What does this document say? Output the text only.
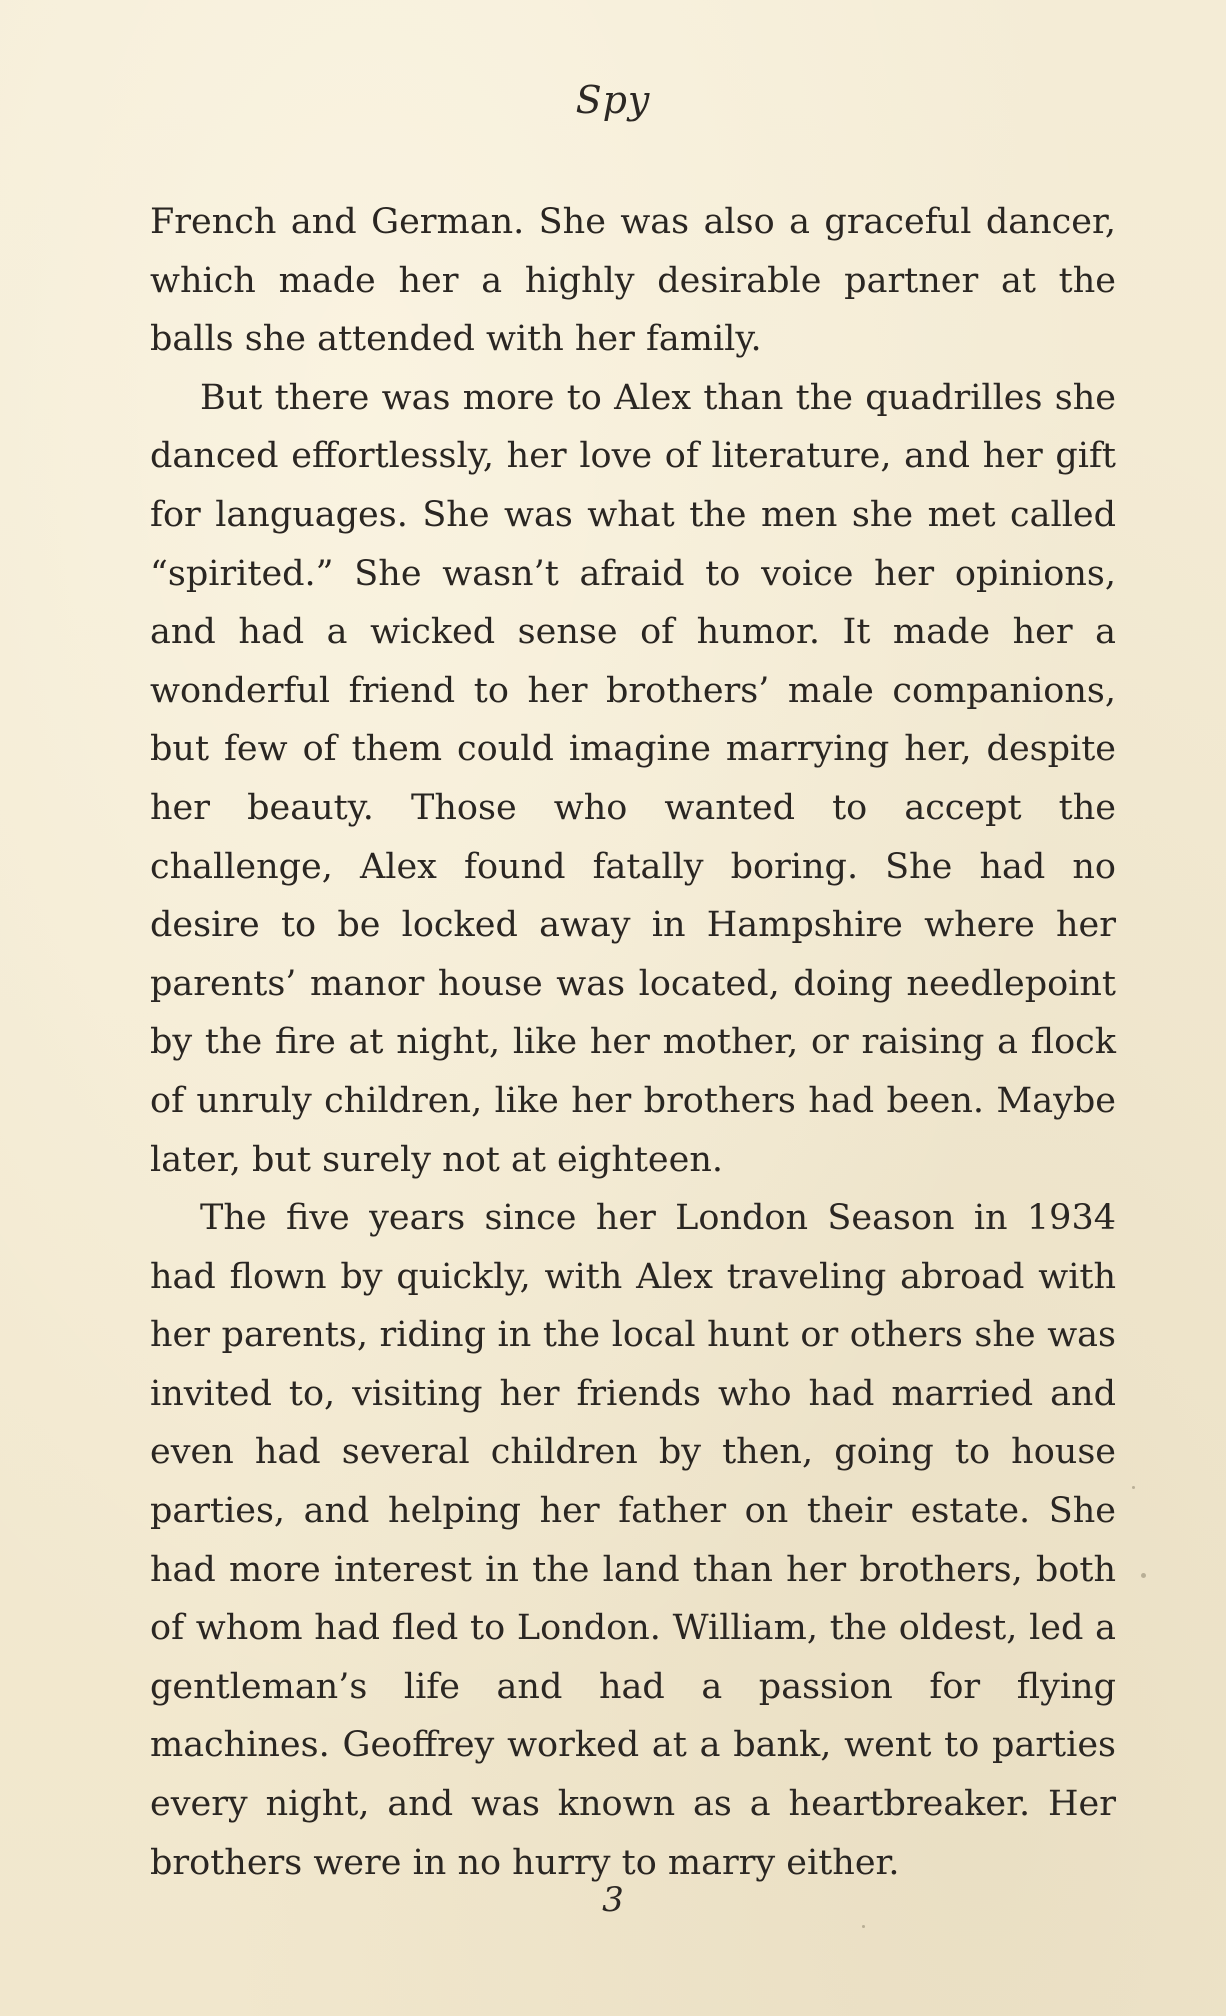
Spy

French and German. She was also a graceful dancer, which made her a highly desirable partner at the balls she attended with her family.

But there was more to Alex than the quadrilles she danced effortlessly, her love of literature, and her gift for languages. She was what the men she met called “spirited.” She wasn’t afraid to voice her opinions, and had a wicked sense of humor. It made her a wonderful friend to her brothers’ male companions, but few of them could imagine marrying her, despite her beauty. Those who wanted to accept the challenge, Alex found fatally boring. She had no desire to be locked away in Hampshire where her parents’ manor house was located, doing needlepoint by the fire at night, like her mother, or raising a flock of unruly children, like her brothers had been. Maybe later, but surely not at eighteen.

The five years since her London Season in 1934 had flown by quickly, with Alex traveling abroad with her parents, riding in the local hunt or others she was invited to, visiting her friends who had married and even had several children by then, going to house parties, and helping her father on their estate. She had more interest in the land than her brothers, both of whom had fled to London. William, the oldest, led a gentleman’s life and had a passion for flying machines. Geoffrey worked at a bank, went to parties every night, and was known as a heartbreaker. Her brothers were in no hurry to marry either.

3
